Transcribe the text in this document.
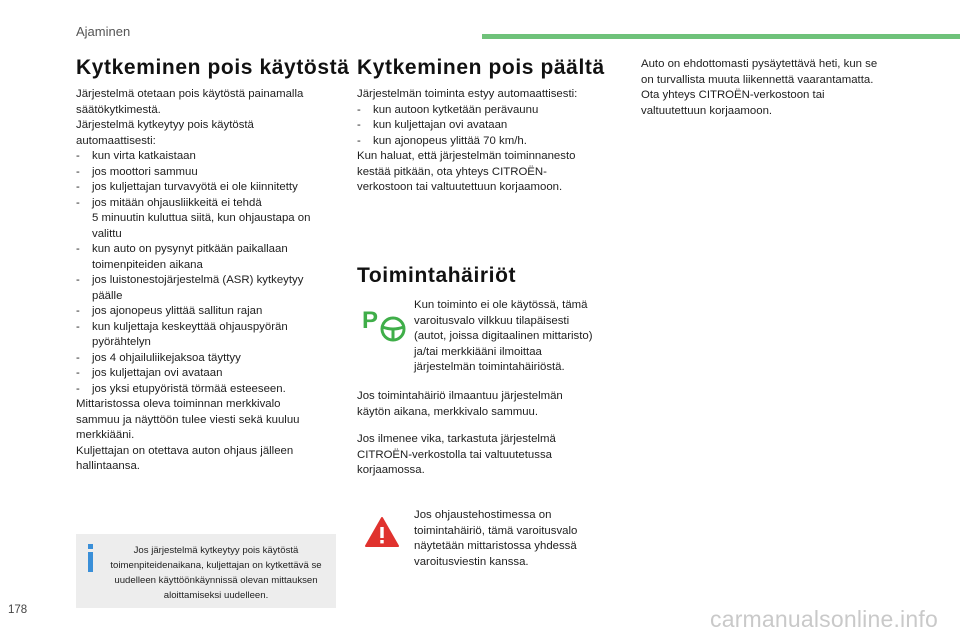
Ajaminen
Kytkeminen pois käytöstä
Järjestelmä otetaan pois käytöstä painamalla
säätökytkimestä.
Järjestelmä kytkeytyy pois käytöstä
automaattisesti:
- kun virta katkaistaan
- jos moottori sammuu
- jos kuljettajan turvavyötä ei ole kiinnitetty
- jos mitään ohjausliikkeitä ei tehdä
5 minuutin kuluttua siitä, kun ohjaustapa on
valittu
- kun auto on pysynyt pitkään paikallaan
toimenpiteiden aikana
- jos luistonestojärjestelmä (ASR) kytkeytyy
päälle
- jos ajonopeus ylittää sallitun rajan
- kun kuljettaja keskeyttää ohjauspyörän
pyörähtelyn
- jos 4 ohjailuliikejaksoa täyttyy
- jos kuljettajan ovi avataan
- jos yksi etupyöristä törmää esteeseen.
Mittaristossa oleva toiminnan merkkivalo
sammuu ja näyttöön tulee viesti sekä kuuluu
merkkiääni.
Kuljettajan on otettava auton ohjaus jälleen
hallintaansa.
Jos järjestelmä kytkeytyy pois käytöstä toimenpiteidenaikana, kuljettajan on kytkettävä se uudelleen käyttöönkäynnissä olevan mittauksen aloittamiseksi uudelleen.
Kytkeminen pois päältä
Järjestelmän toiminta estyy automaattisesti:
- kun autoon kytketään perävaunu
- kun kuljettajan ovi avataan
- kun ajonopeus ylittää 70 km/h.
Kun haluat, että järjestelmän toiminnanesto
kestää pitkään, ota yhteys CITROËN-
verkostoon tai valtuutettuun korjaamoon.
Toimintahäiriöt
P
Kun toiminto ei ole käytössä, tämä
varoitusvalo vilkkuu tilapäisesti
(autot, joissa digitaalinen mittaristo)
ja/tai merkkiääni ilmoittaa
järjestelmän toimintahäiriöstä.
Jos toimintahäiriö ilmaantuu järjestelmän
käytön aikana, merkkivalo sammuu.
Jos ilmenee vika, tarkastuta järjestelmä
CITROËN-verkostolla tai valtuutetussa
korjaamossa.
Jos ohjaustehostimessa on
toimintahäiriö, tämä varoitusvalo
näytetään mittaristossa yhdessä
varoitusviestin kanssa.
Auto on ehdottomasti pysäytettävä heti, kun se
on turvallista muuta liikennettä vaarantamatta.
Ota yhteys CITROËN-verkostoon tai
valtuutettuun korjaamoon.
178	carmanualsonline.info
